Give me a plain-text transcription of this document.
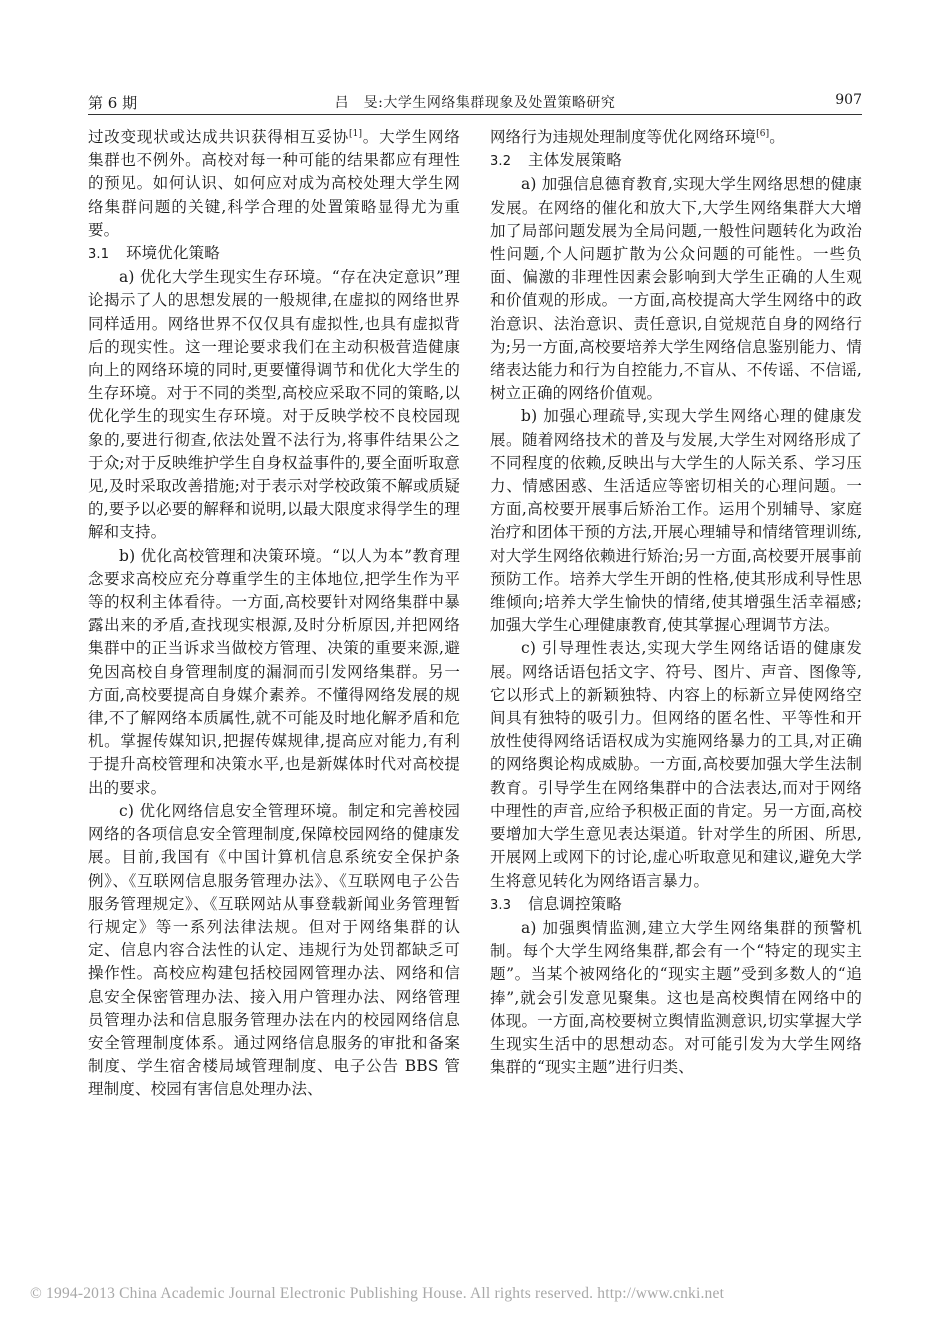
第 6 期	吕　旻:大学生网络集群现象及处置策略研究	907

过改变现状或达成共识获得相互妥协[1]。大学生网络集群也不例外。高校对每一种可能的结果都应有理性的预见。如何认识、如何应对成为高校处理大学生网络集群问题的关键,科学合理的处置策略显得尤为重要。

3.1 环境优化策略

a) 优化大学生现实生存环境。“存在决定意识”理论揭示了人的思想发展的一般规律,在虚拟的网络世界同样适用。网络世界不仅仅具有虚拟性,也具有虚拟背后的现实性。这一理论要求我们在主动积极营造健康向上的网络环境的同时,更要懂得调节和优化大学生的生存环境。对于不同的类型,高校应采取不同的策略,以优化学生的现实生存环境。对于反映学校不良校园现象的,要进行彻查,依法处置不法行为,将事件结果公之于众;对于反映维护学生自身权益事件的,要全面听取意见,及时采取改善措施;对于表示对学校政策不解或质疑的,要予以必要的解释和说明,以最大限度求得学生的理解和支持。

b) 优化高校管理和决策环境。“以人为本”教育理念要求高校应充分尊重学生的主体地位,把学生作为平等的权利主体看待。一方面,高校要针对网络集群中暴露出来的矛盾,查找现实根源,及时分析原因,并把网络集群中的正当诉求当做校方管理、决策的重要来源,避免因高校自身管理制度的漏洞而引发网络集群。另一方面,高校要提高自身媒介素养。不懂得网络发展的规律,不了解网络本质属性,就不可能及时地化解矛盾和危机。掌握传媒知识,把握传媒规律,提高应对能力,有利于提升高校管理和决策水平,也是新媒体时代对高校提出的要求。

c) 优化网络信息安全管理环境。制定和完善校园网络的各项信息安全管理制度,保障校园网络的健康发展。目前,我国有《中国计算机信息系统安全保护条例》、《互联网信息服务管理办法》、《互联网电子公告服务管理规定》、《互联网站从事登载新闻业务管理暂行规定》等一系列法律法规。但对于网络集群的认定、信息内容合法性的认定、违规行为处罚都缺乏可操作性。高校应构建包括校园网管理办法、网络和信息安全保密管理办法、接入用户管理办法、网络管理员管理办法和信息服务管理办法在内的校园网络信息安全管理制度体系。通过网络信息服务的审批和备案制度、学生宿舍楼局域管理制度、电子公告 BBS 管理制度、校园有害信息处理办法、

网络行为违规处理制度等优化网络环境[6]。

3.2 主体发展策略

a) 加强信息德育教育,实现大学生网络思想的健康发展。在网络的催化和放大下,大学生网络集群大大增加了局部问题发展为全局问题,一般性问题转化为政治性问题,个人问题扩散为公众问题的可能性。一些负面、偏激的非理性因素会影响到大学生正确的人生观和价值观的形成。一方面,高校提高大学生网络中的政治意识、法治意识、责任意识,自觉规范自身的网络行为;另一方面,高校要培养大学生网络信息鉴别能力、情绪表达能力和行为自控能力,不盲从、不传谣、不信谣,树立正确的网络价值观。

b) 加强心理疏导,实现大学生网络心理的健康发展。随着网络技术的普及与发展,大学生对网络形成了不同程度的依赖,反映出与大学生的人际关系、学习压力、情感困惑、生活适应等密切相关的心理问题。一方面,高校要开展事后矫治工作。运用个别辅导、家庭治疗和团体干预的方法,开展心理辅导和情绪管理训练,对大学生网络依赖进行矫治;另一方面,高校要开展事前预防工作。培养大学生开朗的性格,使其形成利导性思维倾向;培养大学生愉快的情绪,使其增强生活幸福感;加强大学生心理健康教育,使其掌握心理调节方法。

c) 引导理性表达,实现大学生网络话语的健康发展。网络话语包括文字、符号、图片、声音、图像等,它以形式上的新颖独特、内容上的标新立异使网络空间具有独特的吸引力。但网络的匿名性、平等性和开放性使得网络话语权成为实施网络暴力的工具,对正确的网络舆论构成威胁。一方面,高校要加强大学生法制教育。引导学生在网络集群中的合法表达,而对于网络中理性的声音,应给予积极正面的肯定。另一方面,高校要增加大学生意见表达渠道。针对学生的所困、所思,开展网上或网下的讨论,虚心听取意见和建议,避免大学生将意见转化为网络语言暴力。

3.3 信息调控策略

a) 加强舆情监测,建立大学生网络集群的预警机制。每个大学生网络集群,都会有一个“特定的现实主题”。当某个被网络化的“现实主题”受到多数人的“追捧”,就会引发意见聚集。这也是高校舆情在网络中的体现。一方面,高校要树立舆情监测意识,切实掌握大学生现实生活中的思想动态。对可能引发为大学生网络集群的“现实主题”进行归类、

© 1994-2013 China Academic Journal Electronic Publishing House. All rights reserved. http://www.cnki.net
